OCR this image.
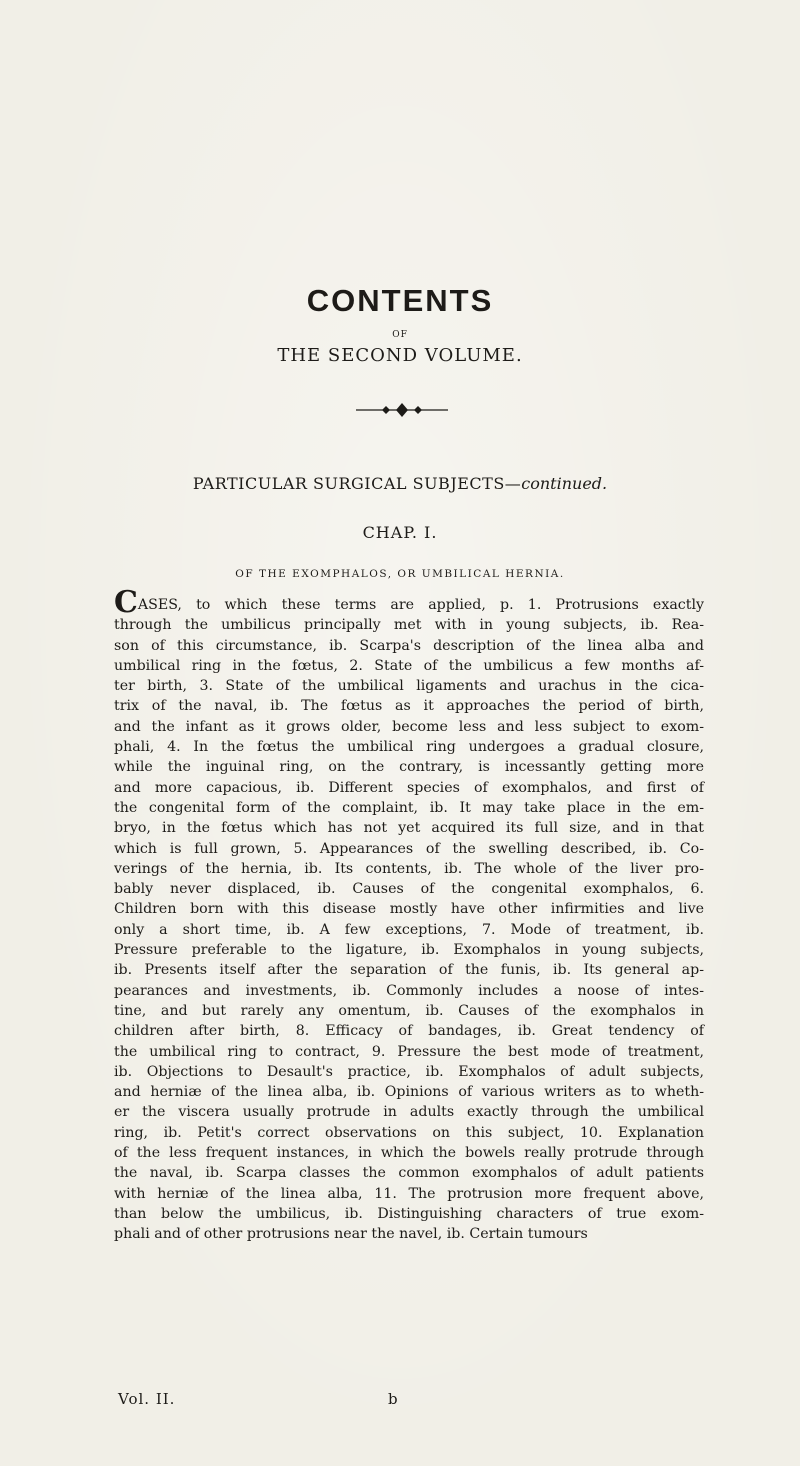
CONTENTS
OF
THE SECOND VOLUME.
PARTICULAR SURGICAL SUBJECTS—continued.
CHAP. I.
OF THE EXOMPHALOS, OR UMBILICAL HERNIA.
CASES, to which these terms are applied, p. 1. Protrusions exactly
through the umbilicus principally met with in young subjects, ib. Rea-
son of this circumstance, ib. Scarpa's description of the linea alba and
umbilical ring in the fœtus, 2. State of the umbilicus a few months af-
ter birth, 3. State of the umbilical ligaments and urachus in the cica-
trix of the naval, ib. The fœtus as it approaches the period of birth,
and the infant as it grows older, become less and less subject to exom-
phali, 4. In the fœtus the umbilical ring undergoes a gradual closure,
while the inguinal ring, on the contrary, is incessantly getting more
and more capacious, ib. Different species of exomphalos, and first of
the congenital form of the complaint, ib. It may take place in the em-
bryo, in the fœtus which has not yet acquired its full size, and in that
which is full grown, 5. Appearances of the swelling described, ib. Co-
verings of the hernia, ib. Its contents, ib. The whole of the liver pro-
bably never displaced, ib. Causes of the congenital exomphalos, 6.
Children born with this disease mostly have other infirmities and live
only a short time, ib. A few exceptions, 7. Mode of treatment, ib.
Pressure preferable to the ligature, ib. Exomphalos in young subjects,
ib. Presents itself after the separation of the funis, ib. Its general ap-
pearances and investments, ib. Commonly includes a noose of intes-
tine, and but rarely any omentum, ib. Causes of the exomphalos in
children after birth, 8. Efficacy of bandages, ib. Great tendency of
the umbilical ring to contract, 9. Pressure the best mode of treatment,
ib. Objections to Desault's practice, ib. Exomphalos of adult subjects,
and herniæ of the linea alba, ib. Opinions of various writers as to wheth-
er the viscera usually protrude in adults exactly through the umbilical
ring, ib. Petit's correct observations on this subject, 10. Explanation
of the less frequent instances, in which the bowels really protrude through
the naval, ib. Scarpa classes the common exomphalos of adult patients
with herniæ of the linea alba, 11. The protrusion more frequent above,
than below the umbilicus, ib. Distinguishing characters of true exom-
phali and of other protrusions near the navel, ib. Certain tumours
Vol. II.	b
